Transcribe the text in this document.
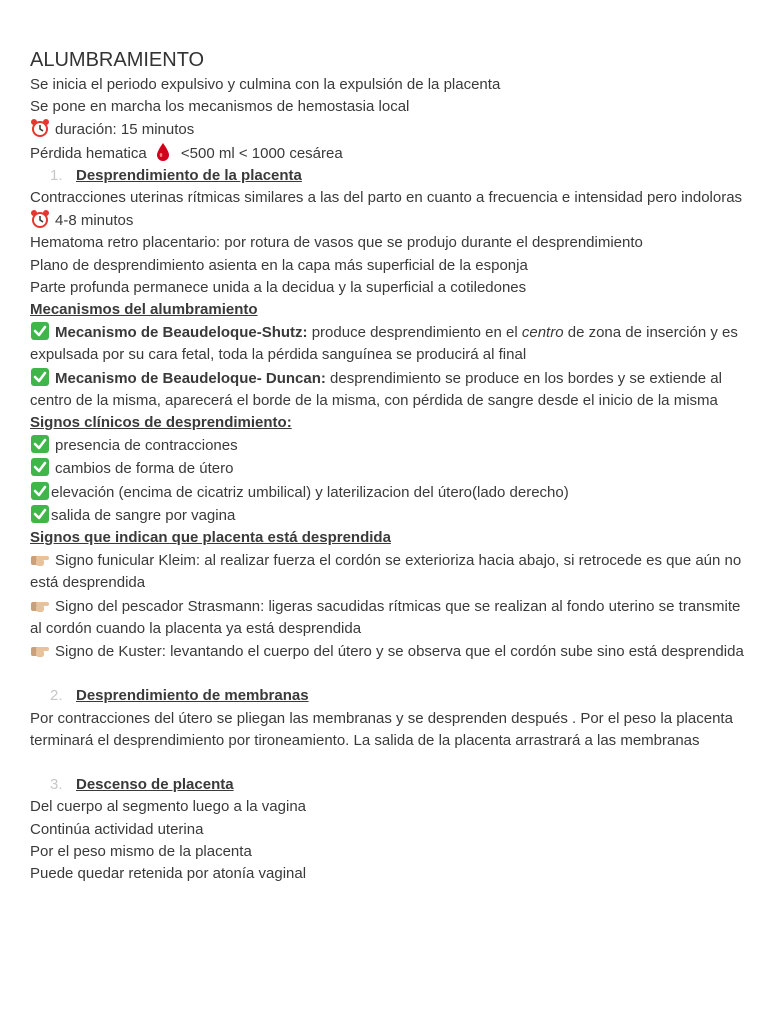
ALUMBRAMIENTO
Se inicia el periodo expulsivo y culmina con la expulsión de la placenta
Se pone en marcha los mecanismos de hemostasia local
duración: 15 minutos
Pérdida hematica <500 ml < 1000 cesárea
1. Desprendimiento de la placenta
Contracciones uterinas rítmicas similares a las del parto en cuanto a frecuencia e intensidad pero indoloras
4-8 minutos
Hematoma retro placentario: por rotura de vasos que se produjo durante el desprendimiento
Plano de desprendimiento asienta en la capa más superficial de la esponja
Parte profunda permanece unida a la decidua y la superficial a cotiledones
Mecanismos del alumbramiento
Mecanismo de Beaudeloque-Shutz: produce desprendimiento en el centro de zona de inserción y es expulsada por su cara fetal, toda la pérdida sanguínea se producirá al final
Mecanismo de Beaudeloque- Duncan: desprendimiento se produce en los bordes y se extiende al centro de la misma, aparecerá el borde de la misma, con pérdida de sangre desde el inicio de la misma
Signos clínicos de desprendimiento:
presencia de contracciones
cambios de forma de útero
elevación (encima de cicatriz umbilical) y laterilizacion del útero(lado derecho)
salida de sangre por vagina
Signos que indican que placenta está desprendida
Signo funicular Kleim: al realizar fuerza el cordón se exterioriza hacia abajo, si retrocede es que aún no está desprendida
Signo del pescador Strasmann: ligeras sacudidas rítmicas que se realizan al fondo uterino se transmite al cordón cuando la placenta ya está desprendida
Signo de Kuster: levantando el cuerpo del útero y se observa que el cordón sube sino está desprendida
2. Desprendimiento de membranas
Por contracciones del útero se pliegan las membranas y se desprenden después . Por el peso la placenta terminará el desprendimiento por tironeamiento. La salida de la placenta arrastrará a las membranas
3. Descenso de placenta
Del cuerpo al segmento luego a la vagina
Continúa actividad uterina
Por el peso mismo de la placenta
Puede quedar retenida por atonía vaginal
